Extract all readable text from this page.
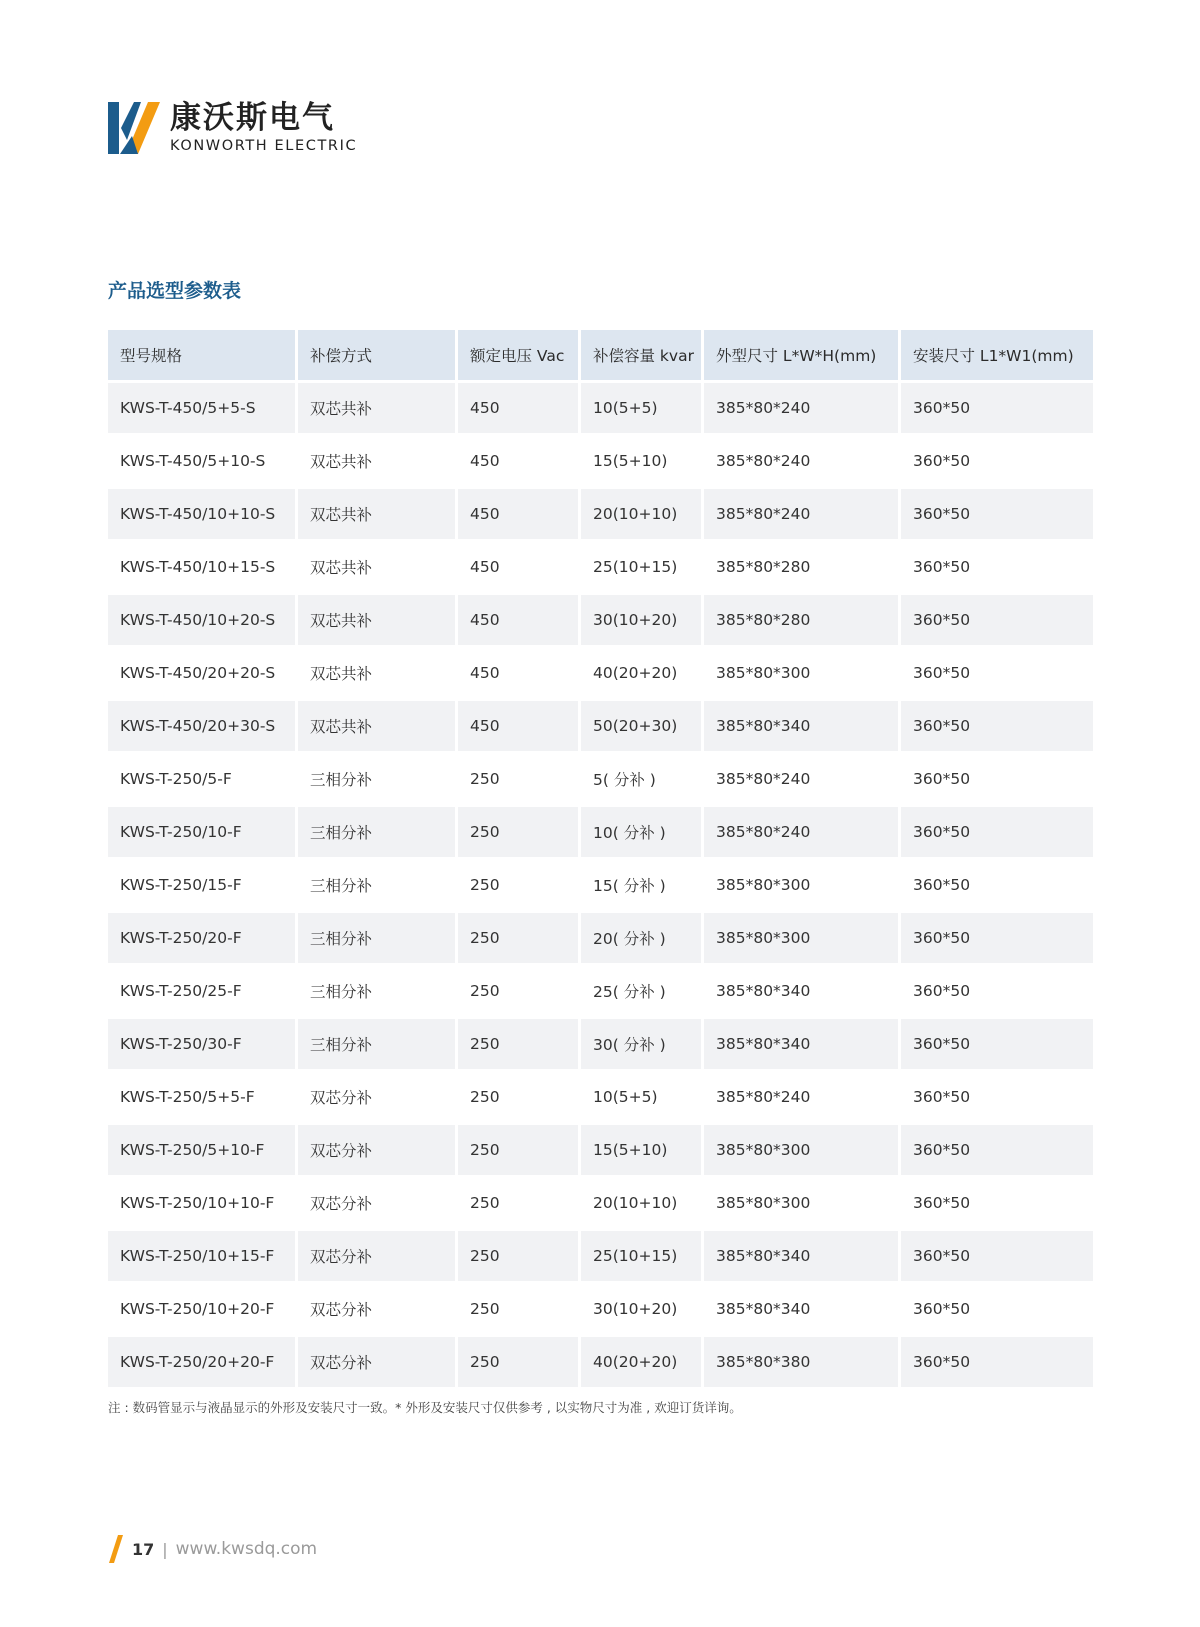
康沃斯电气
KONWORTH ELECTRIC
产品选型参数表
型号规格	补偿方式	额定电压 Vac	补偿容量 kvar	外型尺寸 L*W*H(mm)	安装尺寸 L1*W1(mm)
KWS-T-450/5+5-S	双芯共补	450	10(5+5)	385*80*240	360*50
KWS-T-450/5+10-S	双芯共补	450	15(5+10)	385*80*240	360*50
KWS-T-450/10+10-S	双芯共补	450	20(10+10)	385*80*240	360*50
KWS-T-450/10+15-S	双芯共补	450	25(10+15)	385*80*280	360*50
KWS-T-450/10+20-S	双芯共补	450	30(10+20)	385*80*280	360*50
KWS-T-450/20+20-S	双芯共补	450	40(20+20)	385*80*300	360*50
KWS-T-450/20+30-S	双芯共补	450	50(20+30)	385*80*340	360*50
KWS-T-250/5-F	三相分补	250	5( 分补 )	385*80*240	360*50
KWS-T-250/10-F	三相分补	250	10( 分补 )	385*80*240	360*50
KWS-T-250/15-F	三相分补	250	15( 分补 )	385*80*300	360*50
KWS-T-250/20-F	三相分补	250	20( 分补 )	385*80*300	360*50
KWS-T-250/25-F	三相分补	250	25( 分补 )	385*80*340	360*50
KWS-T-250/30-F	三相分补	250	30( 分补 )	385*80*340	360*50
KWS-T-250/5+5-F	双芯分补	250	10(5+5)	385*80*240	360*50
KWS-T-250/5+10-F	双芯分补	250	15(5+10)	385*80*300	360*50
KWS-T-250/10+10-F	双芯分补	250	20(10+10)	385*80*300	360*50
KWS-T-250/10+15-F	双芯分补	250	25(10+15)	385*80*340	360*50
KWS-T-250/10+20-F	双芯分补	250	30(10+20)	385*80*340	360*50
KWS-T-250/20+20-F	双芯分补	250	40(20+20)	385*80*380	360*50
注 : 数码管显示与液晶显示的外形及安装尺寸一致。* 外形及安装尺寸仅供参考 , 以实物尺寸为准 , 欢迎订货详询。
17 | www.kwsdq.com
